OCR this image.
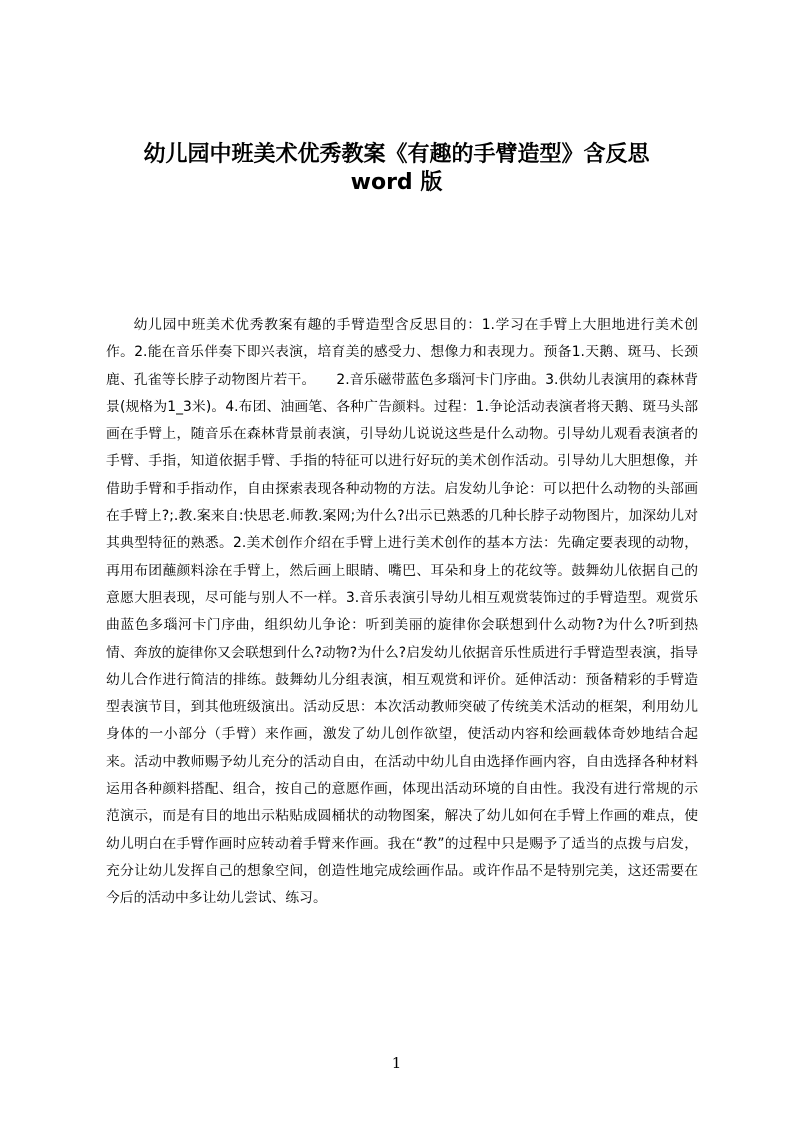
幼儿园中班美术优秀教案《有趣的手臂造型》含反思
word 版

幼儿园中班美术优秀教案有趣的手臂造型含反思目的：1.学习在手臂上大胆地进行美术创作。2.能在音乐伴奏下即兴表演，培育美的感受力、想像力和表现力。预备1.天鹅、斑马、长颈鹿、孔雀等长脖子动物图片若干。　　2.音乐磁带蓝色多瑙河卡门序曲。3.供幼儿表演用的森林背景(规格为1_3米)。4.布团、油画笔、各种广告颜料。过程：1.争论活动表演者将天鹅、斑马头部画在手臂上，随音乐在森林背景前表演，引导幼儿说说这些是什么动物。引导幼儿观看表演者的手臂、手指，知道依据手臂、手指的特征可以进行好玩的美术创作活动。引导幼儿大胆想像，并借助手臂和手指动作，自由探索表现各种动物的方法。启发幼儿争论：可以把什么动物的头部画在手臂上?;.教.案来自:快思老.师教.案网;为什么?出示已熟悉的几种长脖子动物图片，加深幼儿对其典型特征的熟悉。2.美术创作介绍在手臂上进行美术创作的基本方法：先确定要表现的动物，再用布团蘸颜料涂在手臂上，然后画上眼睛、嘴巴、耳朵和身上的花纹等。鼓舞幼儿依据自己的意愿大胆表现，尽可能与别人不一样。3.音乐表演引导幼儿相互观赏装饰过的手臂造型。观赏乐曲蓝色多瑙河卡门序曲，组织幼儿争论：听到美丽的旋律你会联想到什么动物?为什么?听到热情、奔放的旋律你又会联想到什么?动物?为什么?启发幼儿依据音乐性质进行手臂造型表演，指导幼儿合作进行简洁的排练。鼓舞幼儿分组表演，相互观赏和评价。延伸活动：预备精彩的手臂造型表演节目，到其他班级演出。活动反思：本次活动教师突破了传统美术活动的框架，利用幼儿身体的一小部分（手臂）来作画，激发了幼儿创作欲望，使活动内容和绘画载体奇妙地结合起来。活动中教师赐予幼儿充分的活动自由，在活动中幼儿自由选择作画内容，自由选择各种材料运用各种颜料搭配、组合，按自己的意愿作画，体现出活动环境的自由性。我没有进行常规的示范演示，而是有目的地出示粘贴成圆桶状的动物图案，解决了幼儿如何在手臂上作画的难点，使幼儿明白在手臂作画时应转动着手臂来作画。我在“教”的过程中只是赐予了适当的点拨与启发，充分让幼儿发挥自己的想象空间，创造性地完成绘画作品。或许作品不是特别完美，这还需要在今后的活动中多让幼儿尝试、练习。

1
